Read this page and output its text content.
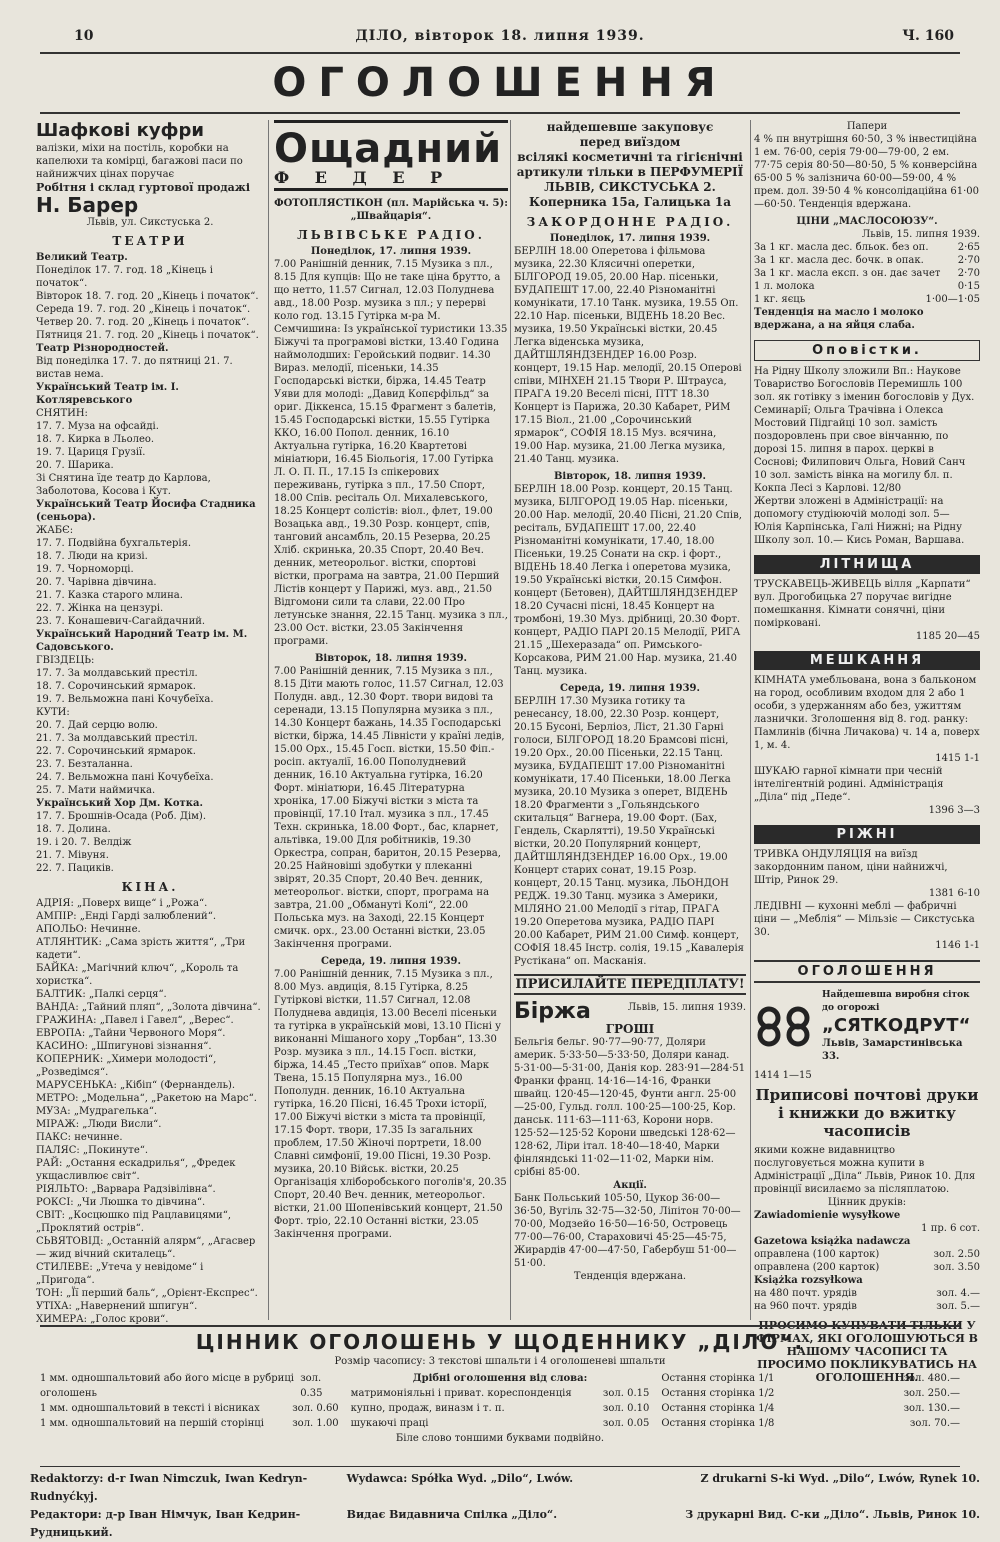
10	ДІЛО, вівторок 18. липня 1939.	Ч. 160
ОГОЛОШЕННЯ
Шафкові куфри

валізки, міхи на постіль, коробки на капелюхи та комірці, багажові паси по найнижчих цінах поручає

Робітня і склад гуртової продажі Н. Барер

Львів, ул. Сикстуська 2.

ТЕАТРИ

Великий Театр.

Понеділок 17. 7. год. 18 „Кінець і початок“.

Вівторок 18. 7. год. 20 „Кінець і початок“.

Середа 19. 7. год. 20 „Кінець і початок“.

Четвер 20. 7. год. 20 „Кінець і початок“.

Пятниця 21. 7. год. 20 „Кінець і початок“.

Театр Різнородностей.

Від понеділка 17. 7. до пятниці 21. 7. вистав нема.

Український Театр ім. І. Котляревського

СНЯТИН:

17. 7. Муза на офсайді.

18. 7. Кирка в Льолео.

19. 7. Цариця Грузії.

20. 7. Шарика.

Зі Снятина їде театр до Карлова, Заболотова, Косова і Кут.

Український Театр Йосифа Стадника (сеньора).

ЖАБЄ:

17. 7. Подвійна бухгальтерія.

18. 7. Люди на кризі.

19. 7. Чорноморці.

20. 7. Чарівна дівчина.

21. 7. Казка старого млина.

22. 7. Жінка на цензурі.

23. 7. Конашевич-Сагайдачний.

Український Народний Театр ім. М. Садовського.

ГВІЗДЕЦЬ:

17. 7. За молдавський престіл.

18. 7. Сорочинський ярмарок.

19. 7. Вельможна пані Кочубеїха.

КУТИ:

20. 7. Дай серцю волю.

21. 7. За молдавський престіл.

22. 7. Сорочинський ярмарок.

23. 7. Безталанна.

24. 7. Вельможна пані Кочубеїха.

25. 7. Мати наймичка.

Український Хор Дм. Котка.

17. 7. Брошнів-Осада (Роб. Дім).

18. 7. Долина.

19. і 20. 7. Велдіж

21. 7. Мівуня.

22. 7. Пацикiв.

КІНА.

АДРІЯ: „Поверх вище“ і „Рожа“.

АМПІР: „Енді Гарді залюблений“.

АПОЛЬО: Нечинне.

АТЛЯНТИК: „Сама зрість життя“, „Три кадети“.

БАЙКА: „Магічний ключ“, „Король та хористка“.

БАЛТИК: „Палкі серця“.

ВАНДА: „Тайний пляп“, „Золота дівчина“.

ГРАЖИНА: „Павел і Гавел“, „Верес“.

ЕВРОПА: „Тайни Червоного Моря“.

КАСИНО: „Шпигунові зізнання“.

КОПЕРНИК: „Химери молодості“, „Розведімся“.

МАРУСЕНЬКА: „Кібіп“ (Фернандель).

МЕТРО: „Модельна“, „Ракетою на Марс“.

МУЗА: „Мудрагелька“.

МІРАЖ: „Люди Висли“.

ПАКС: нечинне.

ПАЛЯС: „Покинуте“.

РАЙ: „Остання ескадрилья“, „Фредек укщасливлює світ“.

РІЯЛЬТО: „Варвара Радзівілівна“.

РОКСІ: „Чи Люшка то дівчина“.

СВІТ: „Косцюшко під Рацлавицями“, „Проклятий острів“.

СЬВЯТОВІД: „Останній алярм“, „Агасвер — жид вічний скиталець“.

СТИЛЕВЕ: „Утеча у невідоме“ і „Пригода“.

ТОН: „Її перший баль“, „Орієнт-Експрес“.

УТІХА: „Навернений шпигун“.

ХИМЕРА: „Голос крови“.

Ощадний
Ф Е Д Е Р

ФОТОПЛЯСТІКОН (пл. Марійська ч. 5): „Швайцарія“.

ЛЬВІВСЬКЕ РАДІО.

Понеділок, 17. липня 1939.

7.00 Ранішній денник, 7.15 Музика з пл., 8.15 Для купців: Що не таке ціна брутто, а що нетто, 11.57 Сигнал, 12.03 Полуднева авд., 18.00 Розр. музика з пл.; у перерві коло год. 13.15 Гутірка м-ра М. Семчишина: Із української туристики 13.35 Біжучі та програмові вістки, 13.40 Година наймолодших: Геройський подвиг. 14.30 Вираз. мелодії, пісеньки, 14.35 Господарські вістки, біржа, 14.45 Театр Уяви для молоді: „Давид Копєрфільд“ за ориг. Діккенса, 15.15 Фрагмент з балетів, 15.45 Господарські вістки, 15.55 Гутірка ККО, 16.00 Попол. денник, 16.10 Актуальна гутірка, 16.20 Квартетові мініатюри, 16.45 Біольогія, 17.00 Гутірка Л. О. П. П., 17.15 Із спікерових переживань, гутірка з пл., 17.50 Спорт, 18.00 Спів. ресіталь Ол. Михалевського, 18.25 Концерт солістів: віол., флет, 19.00 Возацька авд., 19.30 Розр. концерт, спів, танговий ансамбль, 20.15 Резерва, 20.25 Хліб. скринька, 20.35 Спорт, 20.40 Веч. денник, метеорольог. вістки, спортові вістки, програма на завтра, 21.00 Перший Лістів концерт у Парижі, муз. авд., 21.50 Відгомони сили та слави, 22.00 Про летунське знання, 22.15 Танц. музика з пл., 23.00 Ост. вістки, 23.05 Закінчення програми.

Вівторок, 18. липня 1939.

7.00 Ранішній денник, 7.15 Музика з пл., 8.15 Діти мають голос, 11.57 Сигнал, 12.03 Полудн. авд., 12.30 Форт. твори видові та серенади, 13.15 Популярна музика з пл., 14.30 Концерт бажань, 14.35 Господарські вістки, біржа, 14.45 Лівністи у країні ледів, 15.00 Орх., 15.45 Госп. вістки, 15.50 Фіп.-росіп. актуалії, 16.00 Пополудневий денник, 16.10 Актуальна гутірка, 16.20 Форт. мініатюри, 16.45 Літературна хроніка, 17.00 Біжучі вістки з міста та провінції, 17.10 Італ. музика з пл., 17.45 Техн. скринька, 18.00 Форт., бас, кларнет, альтівка, 19.00 Для робітників, 19.30 Оркестра, сопран, баритон, 20.15 Резерва, 20.25 Найновіші здобутки у плеканні звірят, 20.35 Спорт, 20.40 Веч. денник, метеорольог. вістки, спорт, програма на завтра, 21.00 „Обмануті Колі“, 22.00 Польська муз. на Заході, 22.15 Концерт смичк. орх., 23.00 Останні вістки, 23.05 Закінчення програми.

Середа, 19. липня 1939.

7.00 Ранішній денник, 7.15 Музика з пл., 8.00 Муз. авдиція, 8.15 Гутірка, 8.25 Гутіркові вістки, 11.57 Сигнал, 12.08 Полуднева авдиція, 13.00 Веселі пісеньки та гутірка в українській мові, 13.10 Пісні у виконанні Мішаного хору „Торбан“, 13.30 Розр. музика з пл., 14.15 Госп. вістки, біржа, 14.45 „Тесто приїхав“ опов. Марк Твена, 15.15 Популярна муз., 16.00 Пополудн. денник, 16.10 Актуальна гутірка, 16.20 Пісні, 16.45 Трохи історії, 17.00 Біжучі вістки з міста та провінції, 17.15 Форт. твори, 17.35 Із загальних проблем, 17.50 Жіночі портрети, 18.00 Славні симфонії, 19.00 Пісні, 19.30 Розр. музика, 20.10 Військ. вістки, 20.25 Організація хліборобського поголів'я, 20.35 Спорт, 20.40 Веч. денник, метеорольог. вістки, 21.00 Шопенівський концерт, 21.50 Форт. тріо, 22.10 Останні вістки, 23.05 Закінчення програми.

найдешевше закуповує

перед виїздом

всілякі косметичні та гігієнічні артикули тільки в ПЕРФУМЕРІЇ

ЛЬВІВ, СИКСТУСЬКА 2.

Коперника 15а, Галицька 1а

ЗАКОРДОННЕ РАДІО.

Понеділок, 17. липня 1939.

БЕРЛІН 18.00 Оперетова і фільмова музика, 22.30 Клясичні оперетки, БІЛГОРОД 19.05, 20.00 Нар. пісеньки, БУДАПЕШТ 17.00, 22.40 Різноманітні комунікати, 17.10 Танк. музика, 19.55 Оп. 22.10 Нар. пісеньки, ВІДЕНЬ 18.20 Вес. музика, 19.50 Українські вістки, 20.45 Легка віденська музика, ДАЙТШЛЯНДЗЕНДЕР 16.00 Розр. концерт, 19.15 Нар. мелодії, 20.15 Оперові співи, МІНХЕН 21.15 Твори Р. Штрауса, ПРАГА 19.20 Веселі пісні, ПТТ 18.30 Концерт із Парижа, 20.30 Кабарет, РИМ 17.15 Віол., 21.00 „Сорочинський ярмарок“, СОФІЯ 18.15 Муз. всячина, 19.00 Нар. музика, 21.00 Легка музика, 21.40 Танц. музика.

Вівторок, 18. липня 1939.

БЕРЛІН 18.00 Розр. концерт, 20.15 Танц. музика, БІЛГОРОД 19.05 Нар. пісеньки, 20.00 Нар. мелодії, 20.40 Пісні, 21.20 Спів, ресіталь, БУДАПЕШТ 17.00, 22.40 Різноманітні комунікати, 17.40, 18.00 Пісеньки, 19.25 Сонати на скр. і форт., ВІДЕНЬ 18.40 Легка і оперетова музика, 19.50 Українські вістки, 20.15 Симфон. концерт (Бетовен), ДАЙТШЛЯНДЗЕНДЕР 18.20 Сучасні пісні, 18.45 Концерт на тромбонi, 19.30 Муз. дрібниці, 20.30 Форт. концерт, РАДІО ПАРІ 20.15 Мелодії, РИГА 21.15 „Шехеразада“ оп. Римського-Корсакова, РИМ 21.00 Нар. музика, 21.40 Танц. музика.

Середа, 19. липня 1939.

БЕРЛІН 17.30 Музика готику та ренесансу, 18.00, 22.30 Розр. концерт, 20.15 Бусоні, Берліоз, Ліст, 21.30 Гарні голоси, БІЛГОРОД 18.20 Брамсові пісні, 19.20 Орх., 20.00 Пісеньки, 22.15 Танц. музика, БУДАПЕШТ 17.00 Різноманітні комунікати, 17.40 Пісеньки, 18.00 Легка музика, 20.10 Музика з оперет, ВІДЕНЬ 18.20 Фрагменти з „Гольяндського скитальця“ Вагнера, 19.00 Форт. (Бах, Гендель, Скарлятті), 19.50 Українські вістки, 20.20 Популярний концерт, ДАЙТШЛЯНДЗЕНДЕР 16.00 Орх., 19.00 Концерт старих сонат, 19.15 Розр. концерт, 20.15 Танц. музика, ЛЬОНДОН РЕДЖ. 19.30 Танц. музика з Америки, МІЛЯНО 21.00 Мелодії з гітар, ПРАГА 19.20 Оперетова музика, РАДІО ПАРІ 20.00 Кабарет, РИМ 21.00 Симф. концерт, СОФІЯ 18.45 Інстр. солія, 19.15 „Кавалерія Рустікана“ оп. Масканія.

ПРИСИЛАЙТЕ ПЕРЕДПЛАТУ!
Біржа	Львів, 15. липня 1939.

ГРОШІ

Бельгія бельг. 90·77—90·77, Доляри америк. 5·33·50—5·33·50, Доляри канад. 5·31·00—5·31·00, Данія кор. 283·91—284·51 Франки франц. 14·16—14·16, Франки швайц. 120·45—120·45, Фунти англ. 25·00—25·00, Гульд. голл. 100·25—100·25, Кор. данськ. 111·63—111·63, Корони норв. 125·52—125·52 Корони шведські 128·62—128·62, Ліри італ. 18·40—18·40, Марки фінляндські 11·02—11·02, Марки нім. срібні 85·00.

Акції.

Банк Польський 105·50, Цукор 36·00—36·50, Вугіль 32·75—32·50, Ліпітон 70·00—70·00, Модзейо 16·50—16·50, Островець 77·00—76·00, Стараховичі 45·25—45·75, Жирардів 47·00—47·50, Габербуш 51·00—51·00.

Тенденція вдержана.

Папери

4 % пн внутрішня 60·50, 3 % інвестиційна 1 ем. 76·00, серія 79·00—79·00, 2 ем. 77·75 серія 80·50—80·50, 5 % конверсійна 65·00 5 % залізнича 60·00—59·00, 4 % прем. дол. 39·50 4 % консолідаційна 61·00—60·50. Тенденція вдержана.

ЦІНИ „МАСЛОСОЮЗУ“.

Львів, 15. липня 1939.

За 1 кг. масла дес. бльок. без оп.	2·65
За 1 кг. масла дес. бочк. в опак.	2·70
За 1 кг. масла експ. з он. дає зачет 2·70
1 л. молока	0·15
1 кг. яєць	1·00—1·05

Тенденція на масло і молоко вдержана, а на яйця слаба.

Оповістки.

На Рідну Школу зложили Вп.: Наукове Товариство Богословів Перемишль 100 зол. як готівку з іменин богословів у Дух. Семинарії; Ольга Трачівна і Олекса Мостовий Підгайці 10 зол. замість поздоровлень при свое вінчанню, по дорозі 15. липня в парох. церкві в Соснові; Филипович Ольга, Новий Санч 10 зол. замість вінка на могилу бл. п. Кокпа Лесі з Карлові. 12/80

Жертви зложені в Адміністрації: на допомогу студіюючій молоді зол. 5— Юлія Карпінська, Галі Нижні; на Рідну Школу зол. 10.— Кись Роман, Варшава.

ЛІТНИЩА

ТРУСКАВЕЦЬ-ЖИВЕЦЬ вілля „Карпати“ вул. Дрогобицька 27 поручає вигідне помешкання. Кімнати сонячні, ціни помірковані.

1185 20—45

МЕШКАННЯ

КІМНАТА умебльована, вона з бальконом на город, особливим входом для 2 або 1 особи, з удержанням або без, ужиттям лазнички. Зголошення від 8. год. ранку: Памлинів (бічна Личакова) ч. 14 а, поверх 1, м. 4.

1415 1-1

ШУКАЮ гарної кімнати при чесній інтелігентній родині. Адміністрація „Діла“ під „Педе“.

1396 3—3

РІЖНІ

ТРИВКА ОНДУЛЯЦІЯ на виїзд закордонним паном, ціни найнижчі, Штір, Ринок 29.

1381 6-10

ЛЕДІВНІ — кухонні меблі — фабричні ціни — „Меблія“ — Мільзіє — Сикстуська 30.

1146 1-1

ОГОЛОШЕННЯ

Найдешевша виробня сіток до огорожі

„СЯТКОДРУТ“

Львів, Замарстинівська 33.

1414 1—15

Приписові почтові друки і книжки до вжитку часописів

якими кожне видавництво послуговується можна купити в Адміністрації „Діла“ Львів, Ринок 10. Для провінції висилаємо за післяплатою.

Цінник друків:

Zawiadomienie wysyłkowe

1 пр. 6 сот.

Gazetowa książka nadawcza

оправлена (100 карток)	зол. 2.50
оправлена (200 карток)	зол. 3.50

Książka rozsyłkowa

на 480 почт. урядів	зол. 4.—
на 960 почт. урядів	зол. 5.—

ПРОСИМО КУПУВАТИ ТІЛЬКИ У ФІРМАХ, ЯКІ ОГОЛОШУЮТЬСЯ В НАШОМУ ЧАСОПИСІ ТА ПРОСИМО ПОКЛИКУВАТИСЬ НА ОГОЛОШЕННЯ.

ЦІННИК ОГОЛОШЕНЬ У ЩОДЕННИКУ „ДІЛО“.
Розмір часопису: 3 текстові шпальти і 4 оголошеневі шпальти
1 мм. одношпальтовий або його місце в рубриці оголошень
зол. 0.35
1 мм. одношпальтовий в тексті і вісниках	зол. 0.60
1 мм. одношпальтовий на першій сторінці	зол. 1.00

Дрібні оголошення від слова:

матримоніяльні і приват. кореспонденція	зол. 0.15
купно, продаж, виназм і т. п.	зол. 0.10
шукаючі праці	зол. 0.05

Біле слово тоншими буквами подвійно.

Остання сторінка 1/1	зол. 480.—
Остання сторінка 1/2	зол. 250.—
Остання сторінка 1/4	зол. 130.—
Остання сторінка 1/8	зол. 70.—
Redaktorzy: d-r Iwan Nimczuk, Iwan Kedryn-Rudnyćkyj.
Wydawca: Spółka Wyd. „Dilo“, Lwów.	Z drukarni S-ki Wyd. „Dilo“, Lwów, Rynek 10.
Редактори: д-р Іван Німчук, Іван Кедрин-Рудницький.
Видає Видавнича Спілка „Діло“.	З друкарні Вид. С-ки „Діло“. Львів, Ринок 10.
